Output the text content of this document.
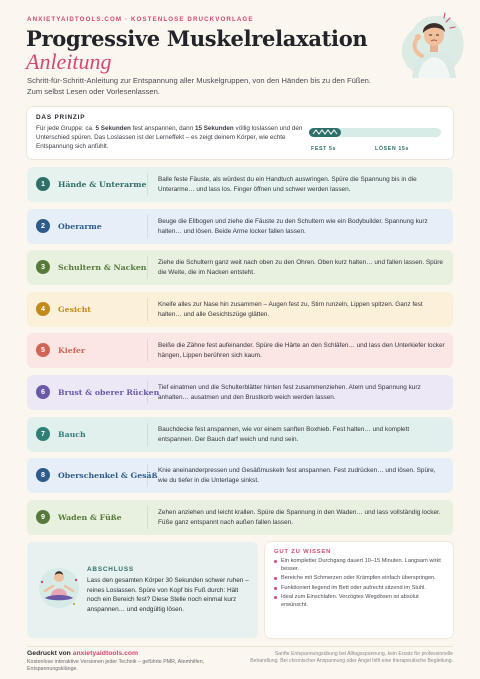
ANXIETYAIDTOOLS.COM · KOSTENLOSE DRUCKVORLAGE
Progressive Muskelrelaxation
Anleitung
Schritt-für-Schritt-Anleitung zur Entspannung aller Muskelgruppen, von den Händen bis zu den Füßen. Zum selbst Lesen oder Vorlesenlassen.
DAS PRINZIP
Für jede Gruppe: ca. 5 Sekunden fest anspannen, dann 15 Sekunden völlig loslassen und den Unterschied spüren. Das Loslassen ist der Lerneffekt – es zeigt deinem Körper, wie echte Entspannung sich anfühlt.	FEST 5s	LÖSEN 15s
1	Hände & Unterarme
Balle feste Fäuste, als würdest du ein Handtuch auswringen. Spüre die Spannung bis in die Unterarme… und lass los. Finger öffnen und schwer werden lassen.
2	Oberarme
Beuge die Ellbogen und ziehe die Fäuste zu den Schultern wie ein Bodybuilder. Spannung kurz halten… und lösen. Beide Arme locker fallen lassen.
3	Schultern & Nacken
Ziehe die Schultern ganz weit nach oben zu den Ohren. Oben kurz halten… und fallen lassen. Spüre die Weite, die im Nacken entsteht.
4	Gesicht
Kneife alles zur Nase hin zusammen – Augen fest zu, Stirn runzeln, Lippen spitzen. Ganz fest halten… und alle Gesichtszüge glätten.
5	Kiefer
Beiße die Zähne fest aufeinander. Spüre die Härte an den Schläfen… und lass den Unterkiefer locker hängen, Lippen berühren sich kaum.
6	Brust & oberer Rücken
Tief einatmen und die Schulterblätter hinten fest zusammenziehen. Atem und Spannung kurz anhalten… ausatmen und den Brustkorb weich werden lassen.
7	Bauch
Bauchdecke fest anspannen, wie vor einem sanften Boxhieb. Fest halten… und komplett entspannen. Der Bauch darf weich und rund sein.
8	Oberschenkel & Gesäß
Knie aneinanderpressen und Gesäßmuskeln fest anspannen. Fest zudrücken… und lösen. Spüre, wie du tiefer in die Unterlage sinkst.
9	Waden & Füße
Zehen anziehen und leicht krallen. Spüre die Spannung in den Waden… und lass vollständig locker. Füße ganz entspannt nach außen fallen lassen.
ABSCHLUSS
Lass den gesamten Körper 30 Sekunden schwer ruhen – reines Loslassen. Spüre von Kopf bis Fuß durch: Hält noch ein Bereich fest? Diese Stelle noch einmal kurz anspannen… und endgültig lösen.
GUT ZU WISSEN
Ein kompletter Durchgang dauert 10–15 Minuten. Langsam wirkt besser.
Bereiche mit Schmerzen oder Krämpfen einfach überspringen.
Funktioniert liegend im Bett oder aufrecht sitzend im Stuhl.
Ideal zum Einschlafen. Verzögtes Wegdösen ist absolut erwünscht.
Gedruckt von anxietyaidtools.com
Kostenlose interaktive Versionen jeder Technik – geführte PMR, Atemhilfen, Entspannungsklänge.
Sanfte Entspannungsübung bei Alltagsspannung, kein Ersatz für professionelle Behandlung. Bei chronischer Anspannung oder Angst hilft eine therapeutische Begleitung.
